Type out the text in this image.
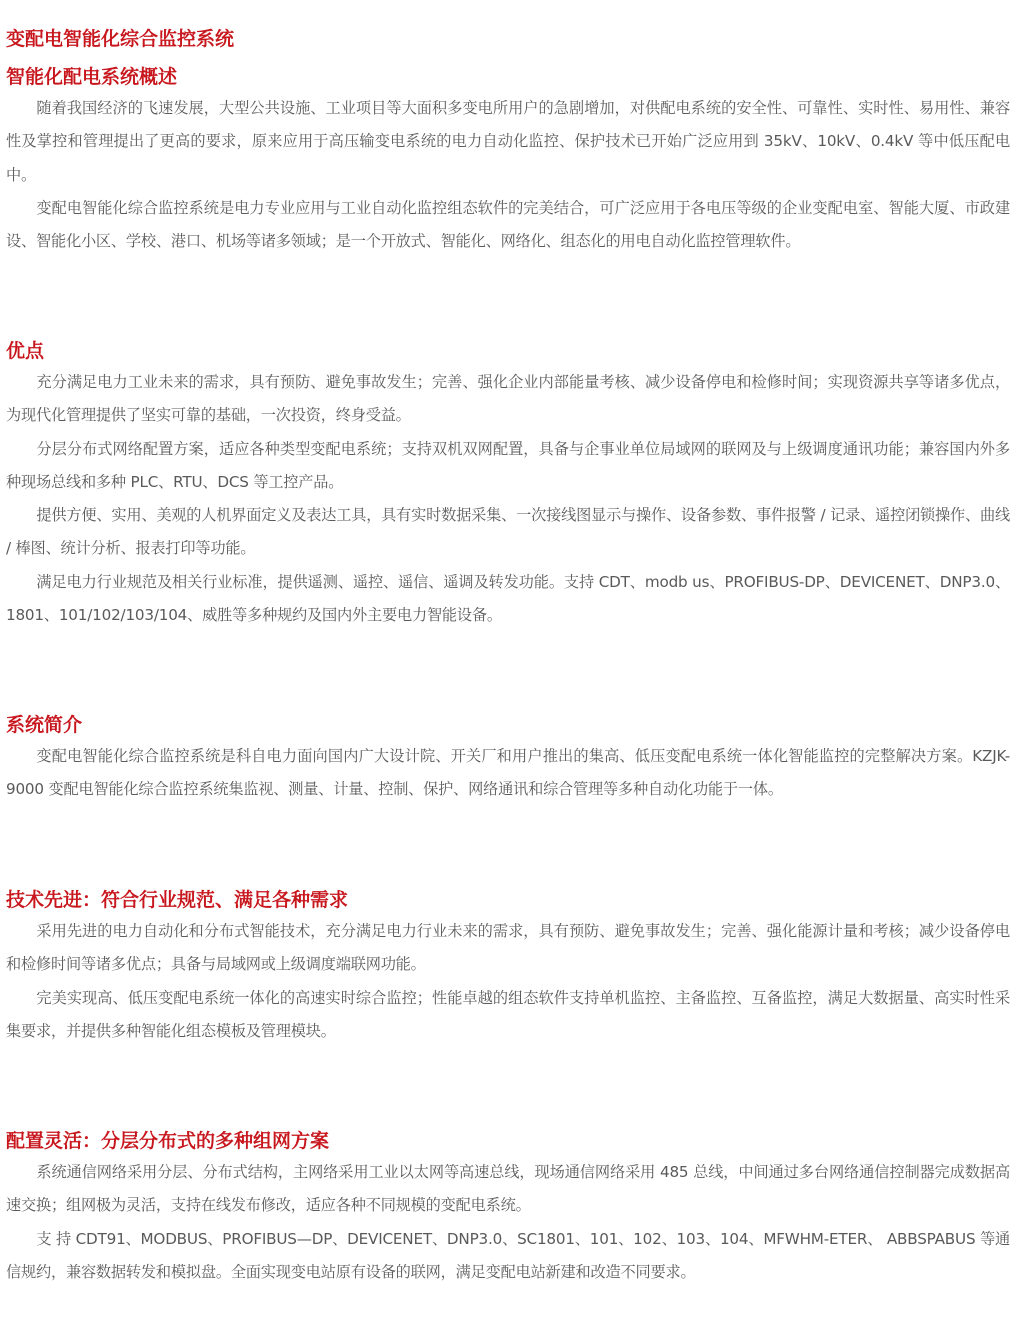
变配电智能化综合监控系统
智能化配电系统概述

随着我国经济的飞速发展，大型公共设施、工业项目等大面积多变电所用户的急剧增加，对供配电系统的安全性、可靠性、实时性、易用性、兼容性及掌控和管理提出了更高的要求，原来应用于高压输变电系统的电力自动化监控、保护技术已开始广泛应用到 35kV、10kV、0.4kV 等中低压配电中。

变配电智能化综合监控系统是电力专业应用与工业自动化监控组态软件的完美结合，可广泛应用于各电压等级的企业变配电室、智能大厦、市政建设、智能化小区、学校、港口、机场等诸多领域；是一个开放式、智能化、网络化、组态化的用电自动化监控管理软件。

优点

充分满足电力工业未来的需求，具有预防、避免事故发生；完善、强化企业内部能量考核、减少设备停电和检修时间；实现资源共享等诸多优点，为现代化管理提供了坚实可靠的基础，一次投资，终身受益。

分层分布式网络配置方案，适应各种类型变配电系统；支持双机双网配置，具备与企事业单位局域网的联网及与上级调度通讯功能；兼容国内外多种现场总线和多种 PLC、RTU、DCS 等工控产品。

提供方便、实用、美观的人机界面定义及表达工具，具有实时数据采集、一次接线图显示与操作、设备参数、事件报警 / 记录、遥控闭锁操作、曲线 / 棒图、统计分析、报表打印等功能。

满足电力行业规范及相关行业标准，提供遥测、遥控、遥信、遥调及转发功能。支持 CDT、modb us、PROFIBUS-DP、DEVICENET、DNP3.0、1801、101/102/103/104、威胜等多种规约及国内外主要电力智能设备。

系统简介

变配电智能化综合监控系统是科自电力面向国内广大设计院、开关厂和用户推出的集高、低压变配电系统一体化智能监控的完整解决方案。KZJK-9000 变配电智能化综合监控系统集监视、测量、计量、控制、保护、网络通讯和综合管理等多种自动化功能于一体。

技术先进：符合行业规范、满足各种需求

采用先进的电力自动化和分布式智能技术，充分满足电力行业未来的需求，具有预防、避免事故发生；完善、强化能源计量和考核；减少设备停电和检修时间等诸多优点；具备与局域网或上级调度端联网功能。

完美实现高、低压变配电系统一体化的高速实时综合监控；性能卓越的组态软件支持单机监控、主备监控、互备监控，满足大数据量、高实时性采集要求，并提供多种智能化组态模板及管理模块。

配置灵活：分层分布式的多种组网方案

系统通信网络采用分层、分布式结构，主网络采用工业以太网等高速总线，现场通信网络采用 485 总线，中间通过多台网络通信控制器完成数据高速交换；组网极为灵活，支持在线发布修改，适应各种不同规模的变配电系统。

支 持 CDT91、MODBUS、PROFIBUS—DP、DEVICENET、DNP3.0、SC1801、101、102、103、104、MFWHM-ETER、 ABBSPABUS 等通信规约，兼容数据转发和模拟盘。全面实现变电站原有设备的联网，满足变配电站新建和改造不同要求。
